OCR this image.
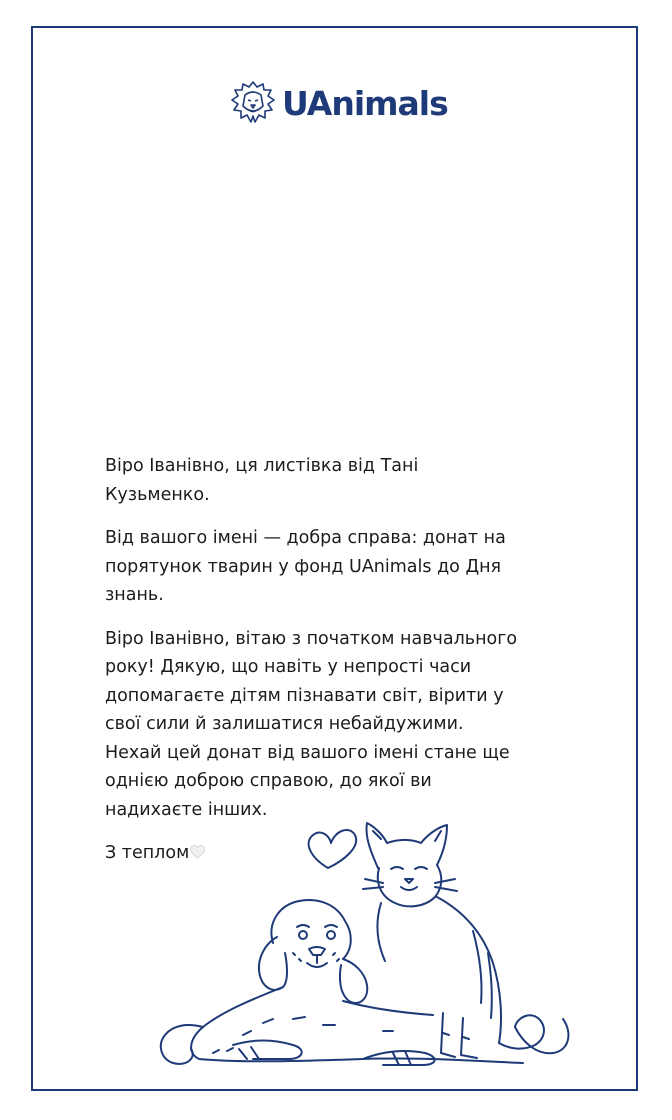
UAnimals

Віро Іванівно, ця листівка від Тані Кузьменко.

Від вашого імені — добра справа: донат на порятунок тварин у фонд UAnimals до Дня знань.

Віро Іванівно, вітаю з початком навчального року! Дякую, що навіть у непрості часи допомагаєте дітям пізнавати світ, вірити у свої сили й залишатися небайдужими. Нехай цей донат від вашого імені стане ще однією доброю справою, до якої ви надихаєте інших.

З теплом
